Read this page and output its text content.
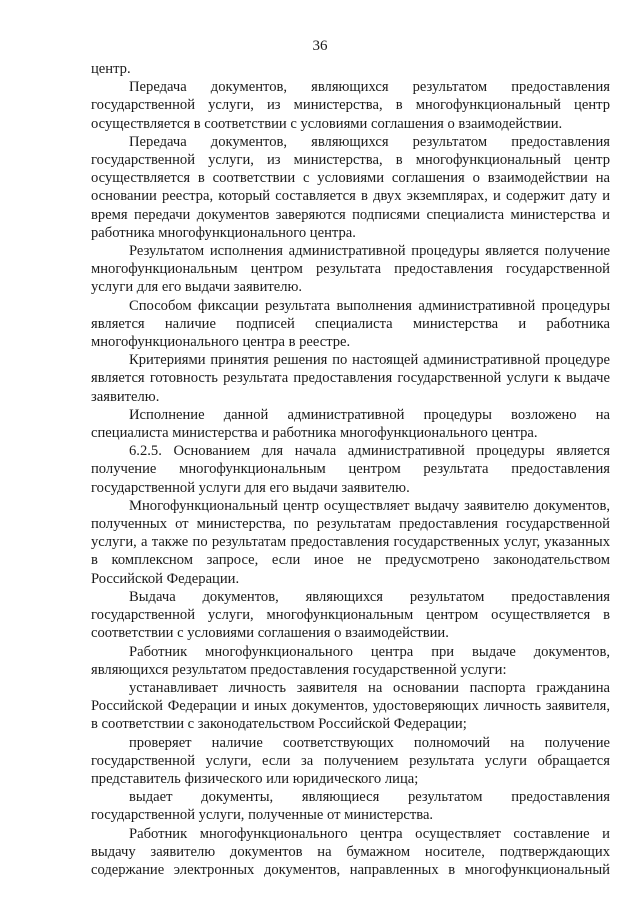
36

центр.

Передача документов, являющихся результатом предоставления государственной услуги, из министерства, в многофункциональный центр осуществляется в соответствии с условиями соглашения о взаимодействии.

Передача документов, являющихся результатом предоставления государственной услуги, из министерства, в многофункциональный центр осуществляется в соответствии с условиями соглашения о взаимодействии на основании реестра, который составляется в двух экземплярах, и содержит дату и время передачи документов заверяются подписями специалиста министерства и работника многофункционального центра.

Результатом исполнения административной процедуры является получение многофункциональным центром результата предоставления государственной услуги для его выдачи заявителю.

Способом фиксации результата выполнения административной процедуры является наличие подписей специалиста министерства и работника многофункционального центра в реестре.

Критериями принятия решения по настоящей административной процедуре является готовность результата предоставления государственной услуги к выдаче заявителю.

Исполнение данной административной процедуры возложено на специалиста министерства и работника многофункционального центра.

6.2.5. Основанием для начала административной процедуры является получение многофункциональным центром результата предоставления государственной услуги для его выдачи заявителю.

Многофункциональный центр осуществляет выдачу заявителю документов, полученных от министерства, по результатам предоставления государственной услуги, а также по результатам предоставления государственных услуг, указанных в комплексном запросе, если иное не предусмотрено законодательством Российской Федерации.

Выдача документов, являющихся результатом предоставления государственной услуги, многофункциональным центром осуществляется в соответствии с условиями соглашения о взаимодействии.

Работник многофункционального центра при выдаче документов, являющихся результатом предоставления государственной услуги:

устанавливает личность заявителя на основании паспорта гражданина Российской Федерации и иных документов, удостоверяющих личность заявителя, в соответствии с законодательством Российской Федерации;

проверяет наличие соответствующих полномочий на получение государственной услуги, если за получением результата услуги обращается представитель физического или юридического лица;

выдает документы, являющиеся результатом предоставления государственной услуги, полученные от министерства.

Работник многофункционального центра осуществляет составление и выдачу заявителю документов на бумажном носителе, подтверждающих содержание электронных документов, направленных в многофункциональный
